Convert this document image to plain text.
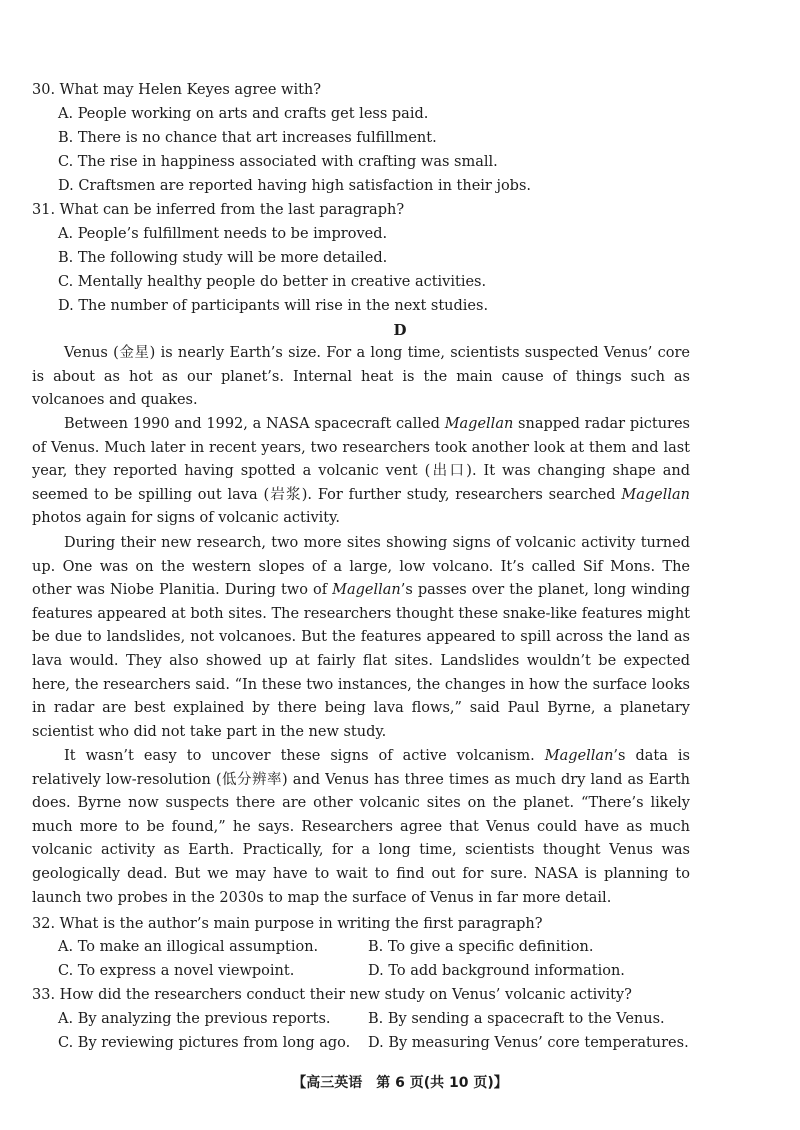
30. What may Helen Keyes agree with?
A. People working on arts and crafts get less paid.
B. There is no chance that art increases fulfillment.
C. The rise in happiness associated with crafting was small.
D. Craftsmen are reported having high satisfaction in their jobs.
31. What can be inferred from the last paragraph?
A. People’s fulfillment needs to be improved.
B. The following study will be more detailed.
C. Mentally healthy people do better in creative activities.
D. The number of participants will rise in the next studies.
D
Venus (金星) is nearly Earth’s size. For a long time, scientists suspected Venus’ core is about as hot as our planet’s. Internal heat is the main cause of things such as volcanoes and quakes.
Between 1990 and 1992, a NASA spacecraft called Magellan snapped radar pictures of Venus. Much later in recent years, two researchers took another look at them and last year, they reported having spotted a volcanic vent (出口). It was changing shape and seemed to be spilling out lava (岩浆). For further study, researchers searched Magellan photos again for signs of volcanic activity.
During their new research, two more sites showing signs of volcanic activity turned up. One was on the western slopes of a large, low volcano. It’s called Sif Mons. The other was Niobe Planitia. During two of Magellan’s passes over the planet, long winding features appeared at both sites. The researchers thought these snake-like features might be due to landslides, not volcanoes. But the features appeared to spill across the land as lava would. They also showed up at fairly flat sites. Landslides wouldn’t be expected here, the researchers said. “In these two instances, the changes in how the surface looks in radar are best explained by there being lava flows,” said Paul Byrne, a planetary scientist who did not take part in the new study.
It wasn’t easy to uncover these signs of active volcanism. Magellan’s data is relatively low-resolution (低分辨率) and Venus has three times as much dry land as Earth does. Byrne now suspects there are other volcanic sites on the planet. “There’s likely much more to be found,” he says. Researchers agree that Venus could have as much volcanic activity as Earth. Practically, for a long time, scientists thought Venus was geologically dead. But we may have to wait to find out for sure. NASA is planning to launch two probes in the 2030s to map the surface of Venus in far more detail.
32. What is the author’s main purpose in writing the first paragraph?
A. To make an illogical assumption.	B. To give a specific definition.
C. To express a novel viewpoint.	D. To add background information.
33. How did the researchers conduct their new study on Venus’ volcanic activity?
A. By analyzing the previous reports.	B. By sending a spacecraft to the Venus.
C. By reviewing pictures from long ago. D. By measuring Venus’ core temperatures.
【高三英语　第 6 页(共 10 页)】
